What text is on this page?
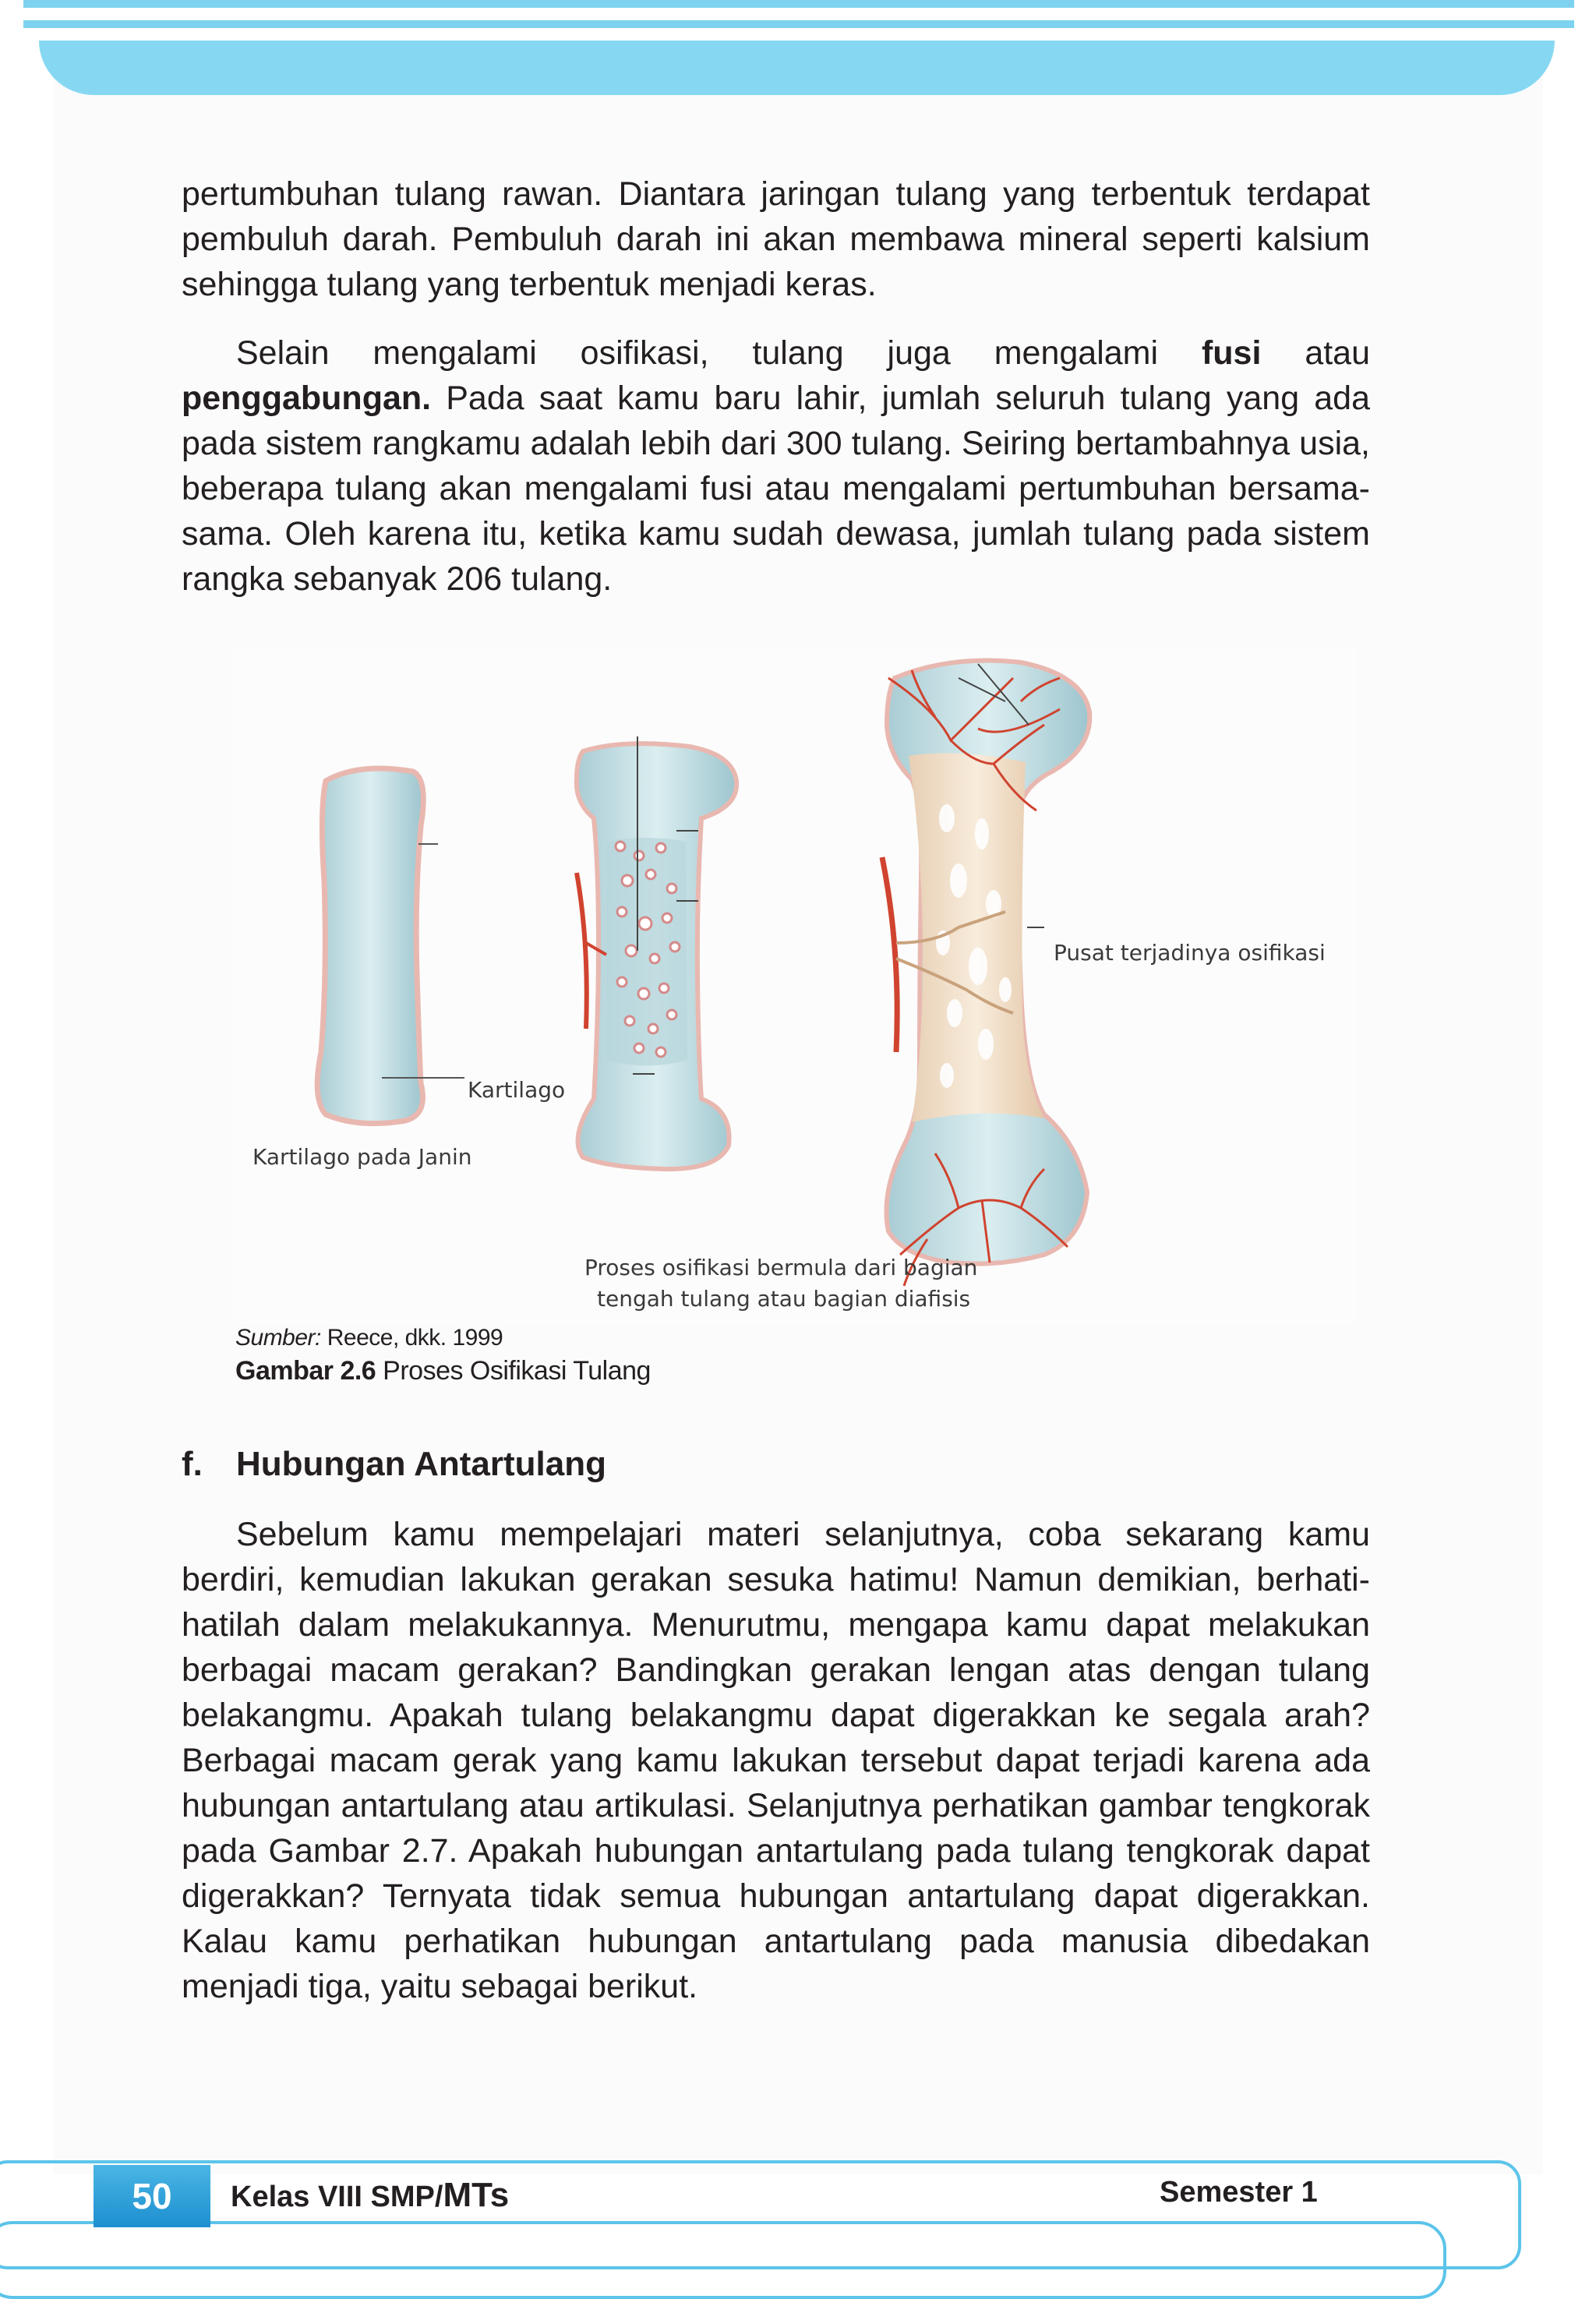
pertumbuhan tulang rawan. Diantara jaringan tulang yang terbentuk terdapat pembuluh darah. Pembuluh darah ini akan membawa mineral seperti kalsium sehingga tulang yang terbentuk menjadi keras.

Selain mengalami osifikasi, tulang juga mengalami fusi atau penggabungan. Pada saat kamu baru lahir, jumlah seluruh tulang yang ada pada sistem rangkamu adalah lebih dari 300 tulang. Seiring bertambahnya usia, beberapa tulang akan mengalami fusi atau mengalami pertumbuhan bersama-sama. Oleh karena itu, ketika kamu sudah dewasa, jumlah tulang pada sistem rangka sebanyak 206 tulang.

Kartilago
Kartilago pada Janin
Pusat terjadinya osifikasi
Proses osifikasi bermula dari bagian
tengah tulang atau bagian diafisis
Sumber: Reece, dkk. 1999
Gambar 2.6 Proses Osifikasi Tulang

f. Hubungan Antartulang

Sebelum kamu mempelajari materi selanjutnya, coba sekarang kamu berdiri, kemudian lakukan gerakan sesuka hatimu! Namun demikian, berhati-hatilah dalam melakukannya. Menurutmu, mengapa kamu dapat melakukan berbagai macam gerakan? Bandingkan gerakan lengan atas dengan tulang belakangmu. Apakah tulang belakangmu dapat digerakkan ke segala arah? Berbagai macam gerak yang kamu lakukan tersebut dapat terjadi karena ada hubungan antartulang atau artikulasi. Selanjutnya perhatikan gambar tengkorak pada Gambar 2.7. Apakah hubungan antartulang pada tulang tengkorak dapat digerakkan? Ternyata tidak semua hubungan antartulang dapat digerakkan. Kalau kamu perhatikan hubungan antartulang pada manusia dibedakan menjadi tiga, yaitu sebagai berikut.

50	Kelas VIII SMP/MTs	Semester 1
